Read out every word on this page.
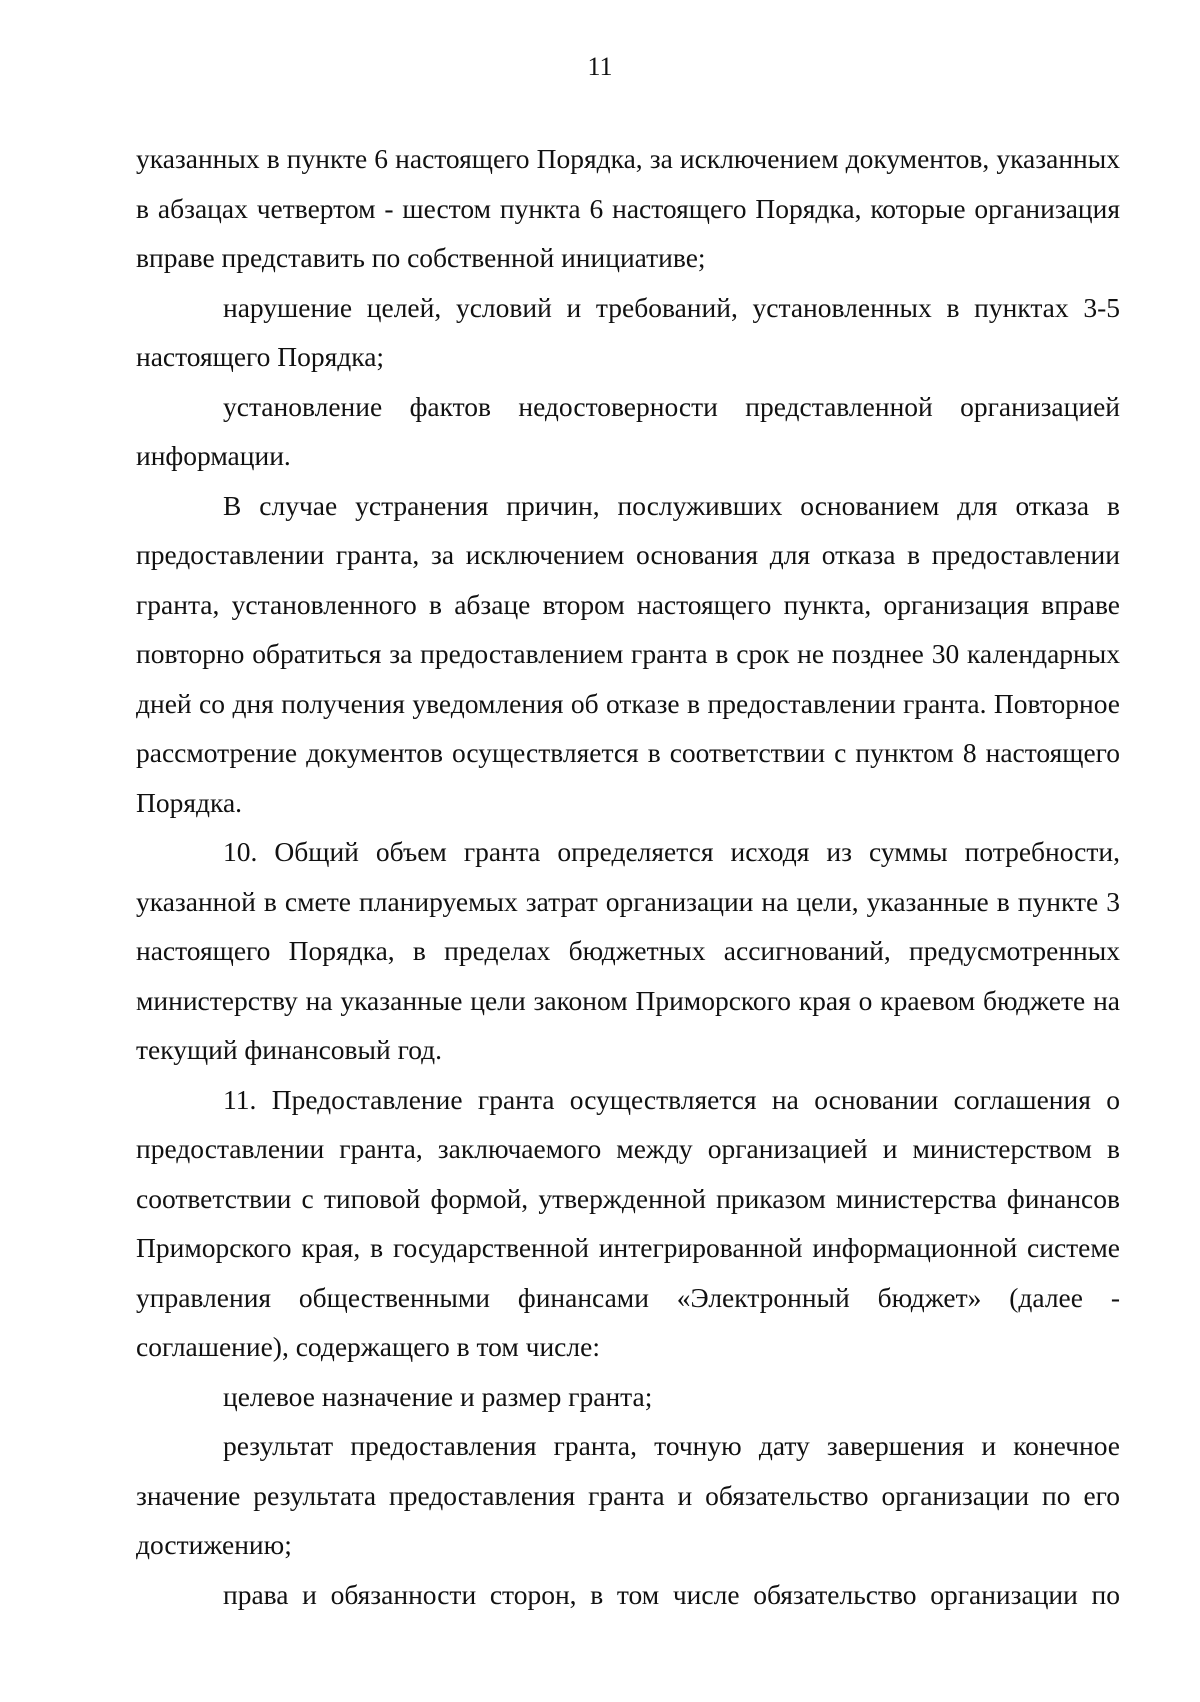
11

указанных в пункте 6 настоящего Порядка, за исключением документов, указанных в абзацах четвертом - шестом пункта 6 настоящего Порядка, которые организация вправе представить по собственной инициативе;

нарушение целей, условий и требований, установленных в пунктах 3-5 настоящего Порядка;

установление фактов недостоверности представленной организацией информации.

В случае устранения причин, послуживших основанием для отказа в предоставлении гранта, за исключением основания для отказа в предоставлении гранта, установленного в абзаце втором настоящего пункта, организация вправе повторно обратиться за предоставлением гранта в срок не позднее 30 календарных дней со дня получения уведомления об отказе в предоставлении гранта. Повторное рассмотрение документов осуществляется в соответствии с пунктом 8 настоящего Порядка.

10. Общий объем гранта определяется исходя из суммы потребности, указанной в смете планируемых затрат организации на цели, указанные в пункте 3 настоящего Порядка, в пределах бюджетных ассигнований, предусмотренных министерству на указанные цели законом Приморского края о краевом бюджете на текущий финансовый год.

11. Предоставление гранта осуществляется на основании соглашения о предоставлении гранта, заключаемого между организацией и министерством в соответствии с типовой формой, утвержденной приказом министерства финансов Приморского края, в государственной интегрированной информационной системе управления общественными финансами «Электронный бюджет» (далее - соглашение), содержащего в том числе:

целевое назначение и размер гранта;

результат предоставления гранта, точную дату завершения и конечное значение результата предоставления гранта и обязательство организации по его достижению;

права и обязанности сторон, в том числе обязательство организации по
